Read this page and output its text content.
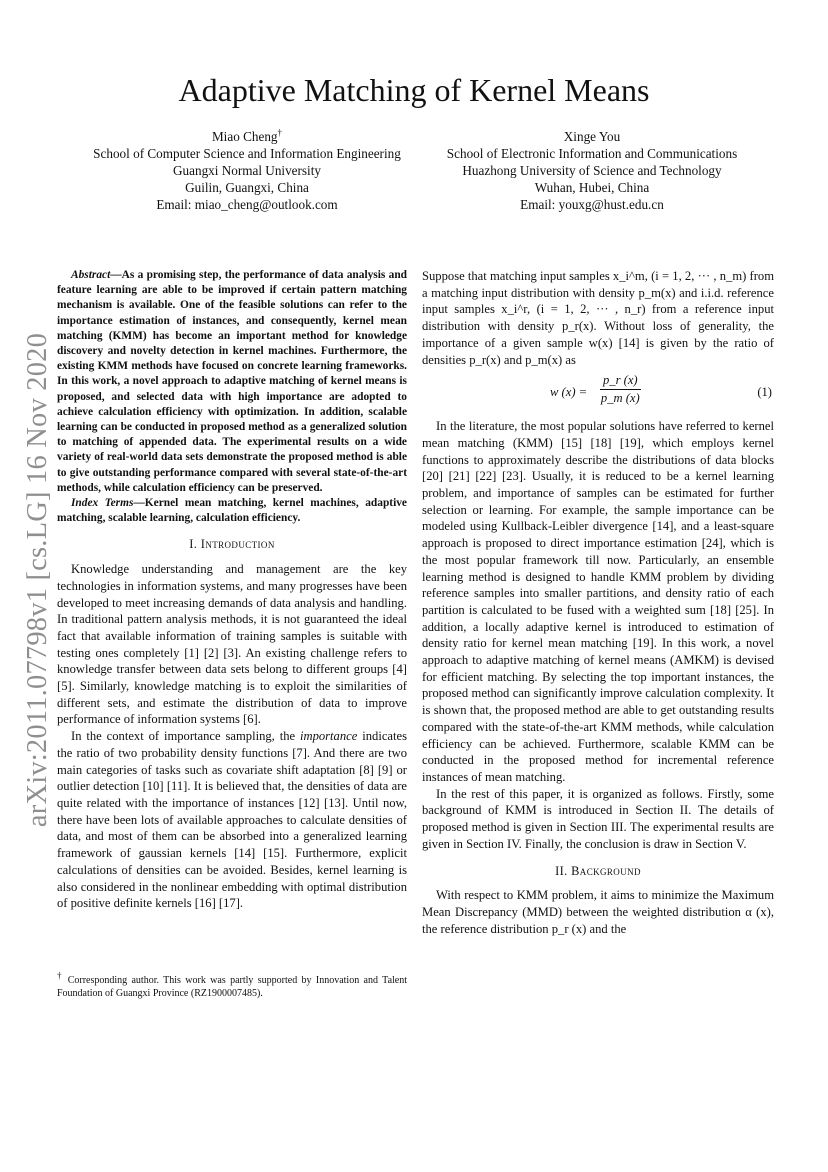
Adaptive Matching of Kernel Means
Miao Cheng†
School of Computer Science and Information Engineering
Guangxi Normal University
Guilin, Guangxi, China
Email: miao_cheng@outlook.com
Xinge You
School of Electronic Information and Communications
Huazhong University of Science and Technology
Wuhan, Hubei, China
Email: youxg@hust.edu.cn
arXiv:2011.07798v1 [cs.LG] 16 Nov 2020

Abstract—As a promising step, the performance of data analysis and feature learning are able to be improved if certain pattern matching mechanism is available. One of the feasible solutions can refer to the importance estimation of instances, and consequently, kernel mean matching (KMM) has become an important method for knowledge discovery and novelty detection in kernel machines. Furthermore, the existing KMM methods have focused on concrete learning frameworks. In this work, a novel approach to adaptive matching of kernel means is proposed, and selected data with high importance are adopted to achieve calculation efficiency with optimization. In addition, scalable learning can be conducted in proposed method as a generalized solution to matching of appended data. The experimental results on a wide variety of real-world data sets demonstrate the proposed method is able to give outstanding performance compared with several state-of-the-art methods, while calculation efficiency can be preserved.

Index Terms—Kernel mean matching, kernel machines, adaptive matching, scalable learning, calculation efficiency.

I. Introduction

Knowledge understanding and management are the key technologies in information systems, and many progresses have been developed to meet increasing demands of data analysis and handling. In traditional pattern analysis methods, it is not guaranteed the ideal fact that available information of training samples is suitable with testing ones completely [1] [2] [3]. An existing challenge refers to knowledge transfer between data sets belong to different groups [4] [5]. Similarly, knowledge matching is to exploit the similarities of different sets, and estimate the distribution of data to improve performance of information systems [6].

In the context of importance sampling, the importance indicates the ratio of two probability density functions [7]. And there are two main categories of tasks such as covariate shift adaptation [8] [9] or outlier detection [10] [11]. It is believed that, the densities of data are quite related with the importance of instances [12] [13]. Until now, there have been lots of available approaches to calculate densities of data, and most of them can be absorbed into a generalized learning framework of gaussian kernels [14] [15]. Furthermore, explicit calculations of densities can be avoided. Besides, kernel learning is also considered in the nonlinear embedding with optimal distribution of positive definite kernels [16] [17].

† Corresponding author. This work was partly supported by Innovation and Talent Foundation of Guangxi Province (RZ1900007485).

Suppose that matching input samples x_i^m, (i = 1, 2, ··· , n_m) from a matching input distribution with density p_m(x) and i.i.d. reference input samples x_i^r, (i = 1, 2, ··· , n_r) from a reference input distribution with density p_r(x). Without loss of generality, the importance of a given sample w(x) [14] is given by the ratio of densities p_r(x) and p_m(x) as

w $(x) = \frac{p\_r (x)}{p\_m (x)}$	(1)

In the literature, the most popular solutions have referred to kernel mean matching (KMM) [15] [18] [19], which employs kernel functions to approximately describe the distributions of data blocks [20] [21] [22] [23]. Usually, it is reduced to be a kernel learning problem, and importance of samples can be estimated for further selection or learning. For example, the sample importance can be modeled using Kullback-Leibler divergence [14], and a least-square approach is proposed to direct importance estimation [24], which is the most popular framework till now. Particularly, an ensemble learning method is designed to handle KMM problem by dividing reference samples into smaller partitions, and density ratio of each partition is calculated to be fused with a weighted sum [18] [25]. In addition, a locally adaptive kernel is introduced to estimation of density ratio for kernel mean matching [19]. In this work, a novel approach to adaptive matching of kernel means (AMKM) is devised for efficient matching. By selecting the top important instances, the proposed method can significantly improve calculation complexity. It is shown that, the proposed method are able to get outstanding results compared with the state-of-the-art KMM methods, while calculation efficiency can be achieved. Furthermore, scalable KMM can be conducted in the proposed method for incremental reference instances of mean matching.

In the rest of this paper, it is organized as follows. Firstly, some background of KMM is introduced in Section II. The details of proposed method is given in Section III. The experimental results are given in Section IV. Finally, the conclusion is draw in Section V.

II. Background

With respect to KMM problem, it aims to minimize the Maximum Mean Discrepancy (MMD) between the weighted distribution α (x), the reference distribution p_r (x) and the
